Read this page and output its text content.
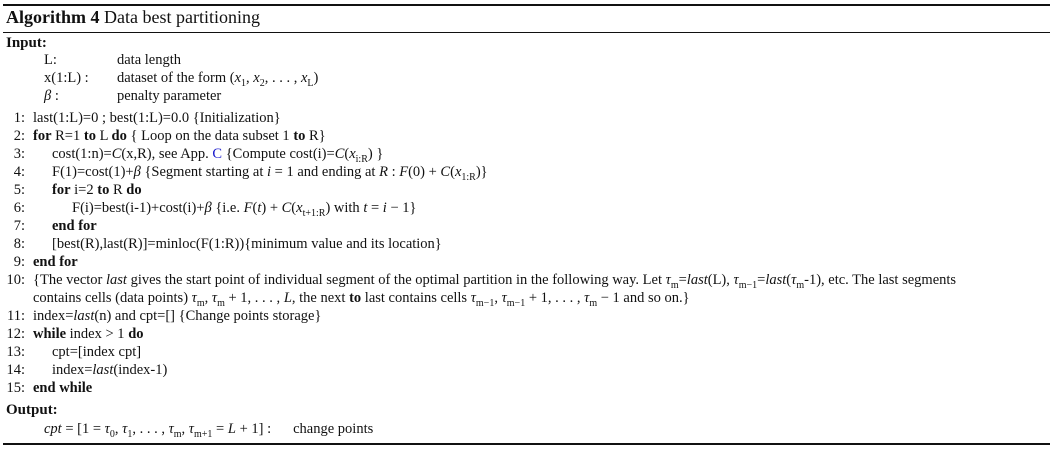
Algorithm 4 Data best partitioning
Input:
L:	data length
x(1:L) : dataset of the form ($x_1$, $x_2$, . . . , $x_L$)
β :	penalty parameter
1: last(1:L)=0 ; best(1:L)=0.0 {Initialization}
2: for R=1 to L do { Loop on the data subset 1 to R}
3: cost(1:n)=C(x,R), see App. C {Compute $\cos t(i)=C(x_{i:R})$ }
4: F(1)=cost(1)+β {Segment starting at i = 1 and ending at R : $F(0) + C(x_{1:R})$}
5: for i=2 to R do
6:	F(i)=best(i-1)+cost(i)+β {i.e. $F(t) + C(x_{t+1:R})$ with t = i − 1}
7: end for
8: [best(R),last(R)]=minloc(F(1:R)){minimum value and its location}
9: end for
10: {The vector last gives the start point of individual segment of the optimal partition in the following way. Let $\tau_m=last(L)$, $\tau_{m-1}=last(\tau_m-1)$, etc. The last segments
contains cells (data points) $\tau_m$, $\tau_m + 1$, . . . , L, the next to last contains cells $\tau_{m-1}$, $\tau_{m-1} + 1$, . . . , $\tau_m - 1$ and so on.}
11: index=last(n) and cpt=[] {Change points storage}
12: while index > 1 do
13: cpt=[index cpt]
14: index=last(index-1)
15: end while
Output:
cpt = [$1 = \tau_0$, $\tau_1$, . . . , $\tau_m$, $\tau_{m+1} = L + 1$] : change points
